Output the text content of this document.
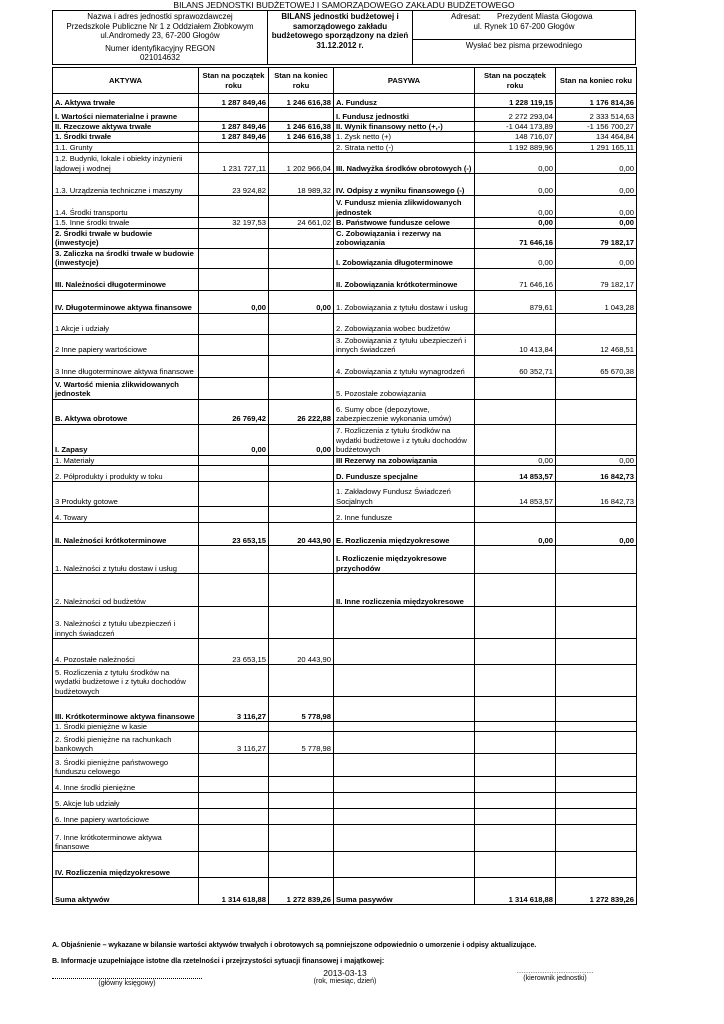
BILANS JEDNOSTKI BUDŻETOWEJ I SAMORZĄDOWEGO ZAKŁADU BUDŻETOWEGO
Nazwa i adres jednostki sprawozdawczej
Przedszkole Publiczne Nr 1 z Oddziałem Żłobkowym
ul.Andromedy 23, 67-200 Głogów
Numer identyfikacyjny REGON
021014632

BILANS jednostki budżetowej i
samorządowego zakładu
budżetowego sporządzony na dzień
31.12.2012 r.

Adresat: Prezydent Miasta Głogowa
ul. Rynek 10 67-200 Głogów
Wysłać bez pisma przewodniego
AKTYWA	Stan na początek roku	Stan na koniec roku	PASYWA	Stan na początek roku	Stan na koniec roku
A. Aktywa trwałe	1 287 849,46	1 246 616,38	A. Fundusz	1 228 119,15	1 176 814,36
I. Wartości niematerialne i prawne			I. Fundusz jednostki	2 272 293,04	2 333 514,63
II. Rzeczowe aktywa trwałe	1 287 849,46	1 246 616,38	II. Wynik finansowy netto (+,-)	-1 044 173,89	-1 156 700,27
1. Środki trwałe	1 287 849,46	1 246 616,38	1. Zysk netto (+)	148 716,07	134 464,84
1.1. Grunty			2. Strata netto (-)	1 192 889,96	1 291 165,11
1.2. Budynki, lokale i obiekty inżynierii lądowej i wodnej	1 231 727,11	1 202 966,04	III. Nadwyżka środków obrotowych (-)	0,00	0,00
1.3. Urządzenia techniczne i maszyny	23 924,82	18 989,32	IV. Odpisy z wyniku finansowego (-)	0,00	0,00
1.4. Środki transportu			V. Fundusz mienia zlikwidowanych jednostek	0,00	0,00
1.5. Inne środki trwałe	32 197,53	24 661,02	B. Państwowe fundusze celowe	0,00	0,00
2. Środki trwałe w budowie (inwestycje)			C. Zobowiązania i rezerwy na zobowiązania	71 646,16	79 182,17
3. Zaliczka na środki trwałe w budowie (inwestycje)			I. Zobowiązania długoterminowe	0,00	0,00
III. Należności długoterminowe			II. Zobowiązania krótkoterminowe	71 646,16	79 182,17
IV. Długoterminowe aktywa finansowe	0,00	0,00	1. Zobowiązania z tytułu dostaw i usług	879,61	1 043,28
1 Akcje i udziały			2. Zobowiązania wobec budżetów		
2 Inne papiery wartościowe			3. Zobowiązania z tytułu ubezpieczeń i innych świadczeń	10 413,84	12 468,51
3 Inne długoterminowe aktywa finansowe			4. Zobowiązania z tytułu wynagrodzeń	60 352,71	65 670,38
V. Wartość mienia zlikwidowanych jednostek			5. Pozostałe zobowiązania		
B. Aktywa obrotowe	26 769,42	26 222,88	6. Sumy obce (depozytowe, zabezpieczenie wykonania umów)		
I. Zapasy	0,00	0,00	7. Rozliczenia z tytułu środków na wydatki budżetowe i z tytułu dochodów budżetowych		
1. Materiały			III Rezerwy na zobowiązania	0,00	0,00
2. Półprodukty i produkty w toku			D. Fundusze specjalne	14 853,57	16 842,73
3 Produkty gotowe			1. Zakładowy Fundusz Świadczeń Socjalnych	14 853,57	16 842,73
4. Towary			2. Inne fundusze		
II. Należności krótkoterminowe	23 653,15	20 443,90	E. Rozliczenia międzyokresowe	0,00	0,00
1. Należności z tytułu dostaw i usług			I. Rozliczenie międzyokresowe przychodów		
2. Należności od budżetów			II. Inne rozliczenia międzyokresowe		
3. Należności z tytułu ubezpieczeń i innych świadczeń					
4. Pozostałe należności	23 653,15	20 443,90			
5. Rozliczenia z tytułu środków na wydatki budżetowe i z tytułu dochodów budżetowych					
III. Krótkoterminowe aktywa finansowe	3 116,27	5 778,98			
1. Środki pieniężne w kasie					
2. Środki pieniężne na rachunkach bankowych	3 116,27	5 778,98			
3. Środki pieniężne państwowego funduszu celowego					
4. Inne środki pieniężne					
5. Akcje lub udziały					
6. Inne papiery wartościowe					
7. Inne krótkoterminowe aktywa finansowe					
IV. Rozliczenia międzyokresowe					
Suma aktywów	1 314 618,88	1 272 839,26	Suma pasywów	1 314 618,88	1 272 839,26
A. Objaśnienie – wykazane w bilansie wartości aktywów trwałych i obrotowych są pomniejszone odpowiednio o umorzenie i odpisy aktualizujące.
B. Informacje uzupełniające istotne dla rzetelności i przejrzystości sytuacji finansowej i majątkowej:
(główny księgowy)
2013-03-13
(rok, miesiąc, dzień)
……………………………
(kierownik jednostki)
